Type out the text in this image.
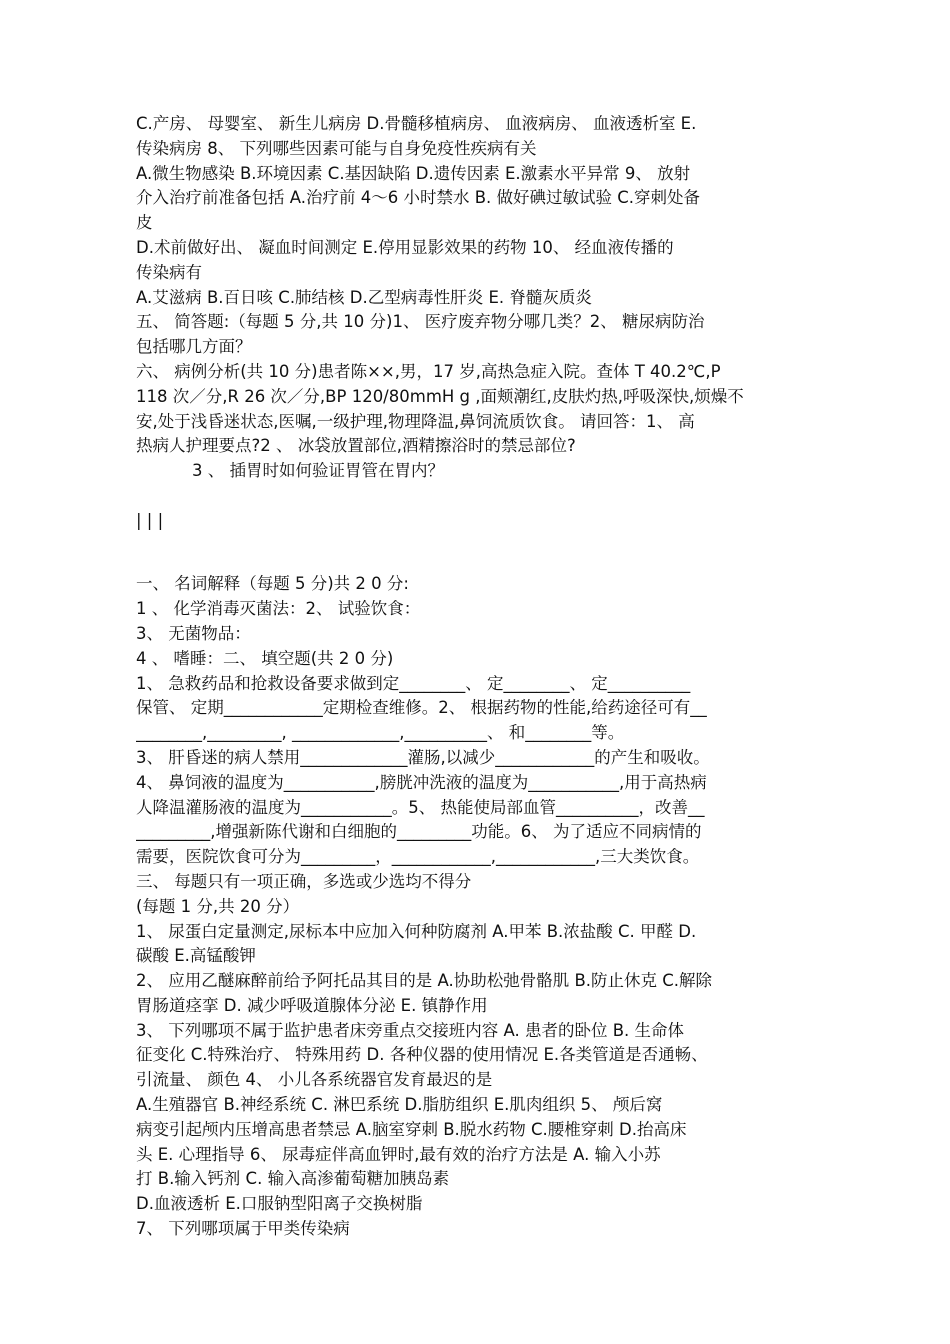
C.产房、 母婴室、 新生儿病房 D.骨髓移植病房、 血液病房、 血液透析室 ﻿E.
传染病房 8﻿、 下列哪些因素可能与自身免疫性疾病有关
A.微生物感染 B.环境因素 C.基因缺陷 D.遗传因素 E.激素水平异常 9﻿、 放射
介入治疗前准备包括 ﻿A.治疗前 4～6 小时禁水 B. 做好碘过敏试验 C.穿刺处备
皮
D.术前做好出、 凝血时间测定 E.停用显影效果的药物 10﻿、 经血液传播的
传染病有
A.艾滋病 B.百日咳 C.肺结核 D.乙型病毒性肝炎 E. 脊髓灰质炎
五、 简答题:（每题 5 分,共 10 分)1﻿、 医疗废弃物分哪几类？2﻿、 糖尿病防治
包括哪几方面？
六、 病例分析(共 10 分)﻿患者陈××,男，17 岁,高热急症入院。查体 T 40.2℃,P
118 次／分,R 26 次／分,BP 120/80mmH g ,面颊潮红,皮肤灼热,呼吸深快,烦燥不
安,处于浅昏迷状态,医嘱,一级护理,物理降温,鼻饲流质饮食。﻿ 请回答：1、 高
热病人护理要点?2 ﻿、 冰袋放置部位,酒精擦浴时的禁忌部位?
3 、 插胃时如何验证胃管在胃内？
| | |
一、 名词解释（每题 5 分)共 2 0 分:
1 、 化学消毒灭菌法：2﻿、 试验饮食：
3、 无菌物品：
4 、 嗜睡：﻿二、 填空题(共 2 0 分)
1、 急救药品和抢救设备要求做到定________、 定________、 定__________
保管、 定期____________定期检查维修。2﻿、 根据药物的性能,给药途径可有__
________,_________, _____________,__________、 和________等。
3、 肝昏迷的病人禁用_____________灌肠,以减少____________的产生和吸收。﻿
4、 鼻饲液的温度为___________,膀胱冲洗液的温度为___________,用于高热病
人降温灌肠液的温度为___________。5﻿、 热能使局部血管__________，改善__
_________,增强新陈代谢和白细胞的_________功能。6﻿、 为了适应不同病情的
需要，医院饮食可分为_________，____________,____________,﻿三大类饮食。
三、 每题只有一项正确，多选或少选均不得分
(每题 1 分,共 20 分）
1、 尿蛋白定量测定,尿标本中应加入何种防腐剂 ﻿A.甲苯 B.浓盐酸 C. 甲醛 D.
碳酸 E.高锰酸钾
2、 应用乙醚麻醉前给予阿托品其目的是 ﻿A.协助松弛骨骼肌 B.防止休克 C.解除
胃肠道痉挛 D. 减少呼吸道腺体分泌 E. 镇静作用
3、 下列哪项不属于监护患者床旁重点交接班内容 ﻿A. 患者的卧位 B. 生命体
征变化 C.特殊治疗、 特殊用药 ﻿D. 各种仪器的使用情况 E.各类管道是否通畅、
引流量、 颜色 4﻿、 小儿各系统器官发育最迟的是
A.生殖器官 B.神经系统 C. 淋巴系统 D.脂肪组织 E.肌肉组织 5﻿、 颅后窝
病变引起颅内压增高患者禁忌 ﻿A.脑室穿刺 B.脱水药物 C.腰椎穿刺 D.抬高床
头 E. 心理指导 6﻿、 尿毒症伴高血钾时,最有效的治疗方法是 ﻿A. 输入小苏
打 B.输入钙剂 C. 输入高渗葡萄糖加胰岛素
D.血液透析 E.口服钠型阳离子交换树脂
7、 下列哪项属于甲类传染病
